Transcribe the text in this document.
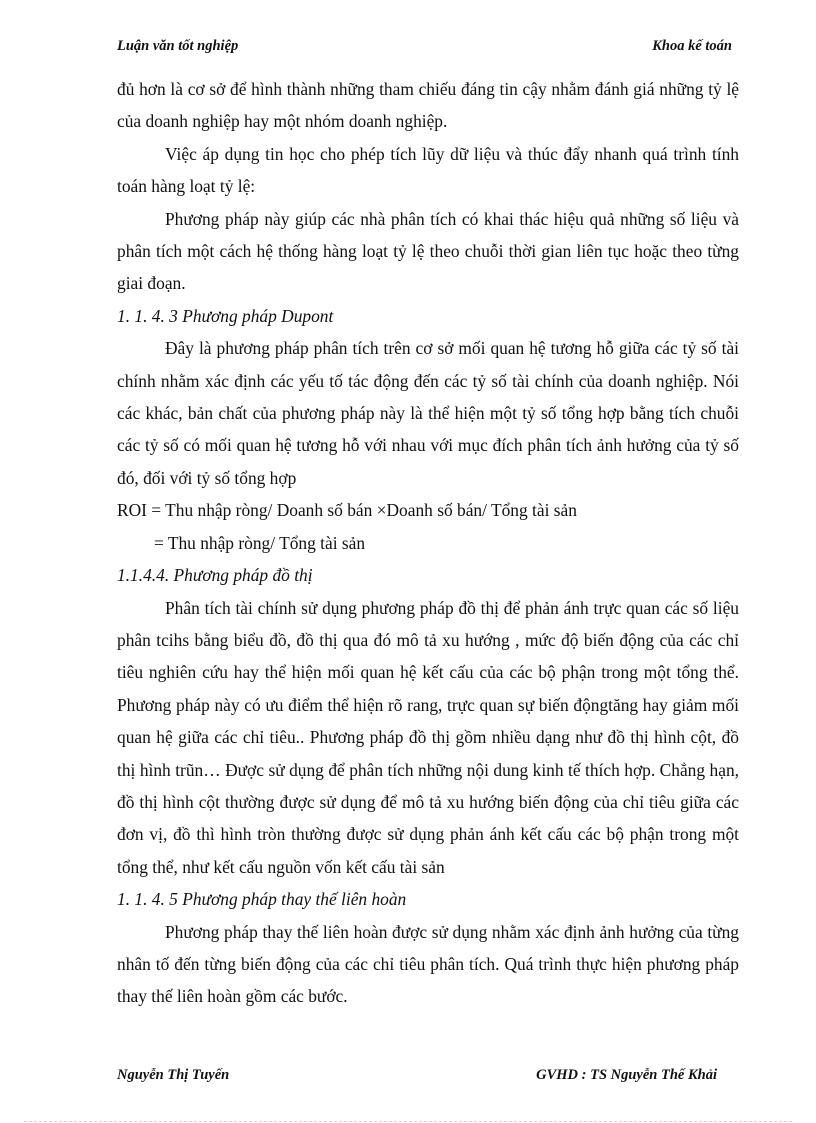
Luận văn tốt nghiệp	Khoa kế toán

đủ hơn là cơ sở để hình thành những tham chiếu đáng tin cậy nhằm đánh giá những tỷ lệ của doanh nghiệp hay một nhóm doanh nghiệp.

Việc áp dụng tin học cho phép tích lũy dữ liệu và thúc đẩy nhanh quá trình tính toán hàng loạt tỷ lệ:

Phương pháp này giúp các nhà phân tích có khai thác hiệu quả những số liệu và phân tích một cách hệ thống hàng loạt tỷ lệ theo chuỗi thời gian liên tục hoặc theo từng giai đoạn.

1. 1. 4. 3 Phương pháp Dupont

Đây là phương pháp phân tích trên cơ sở mối quan hệ tương hỗ giữa các tỷ số tài chính nhằm xác định các yếu tố tác động đến các tỷ số tài chính của doanh nghiệp. Nói các khác, bản chất của phương pháp này là thể hiện một tỷ số tổng hợp bằng tích chuỗi các tỷ số có mối quan hệ tương hỗ với nhau với mục đích phân tích ảnh hưởng của tỷ số đó, đối với tỷ số tổng hợp

ROI = Thu nhập ròng/ Doanh số bán ×Doanh số bán/ Tổng tài sản

= Thu nhập ròng/ Tổng tài sản

1.1.4.4. Phương pháp đồ thị

Phân tích tài chính sử dụng phương pháp đồ thị để phản ánh trực quan các số liệu phân tcihs bằng biểu đồ, đồ thị qua đó mô tả xu hướng , mức độ biến động của các chỉ tiêu nghiên cứu hay thể hiện mối quan hệ kết cấu của các bộ phận trong một tổng thể. Phương pháp này có ưu điểm thể hiện rõ rang, trực quan sự biến độngtăng hay giảm mối quan hệ giữa các chỉ tiêu.. Phương pháp đồ thị gồm nhiều dạng như đồ thị hình cột, đồ thị hình trũn… Được sử dụng để phân tích những nội dung kinh tế thích hợp. Chẳng hạn, đồ thị hình cột thường được sử dụng để mô tả xu hướng biến động của chỉ tiêu giữa các đơn vị, đồ thì hình tròn thường được sử dụng phản ánh kết cấu các bộ phận trong một tổng thể, như kết cấu nguồn vốn kết cấu tài sản

1. 1. 4. 5 Phương pháp thay thế liên hoàn

Phương pháp thay thế liên hoàn được sử dụng nhằm xác định ảnh hưởng của từng nhân tố đến từng biến động của các chỉ tiêu phân tích. Quá trình thực hiện phương pháp thay thế liên hoàn gồm các bước.

Nguyễn Thị Tuyến	GVHD : TS Nguyễn Thế Khải
